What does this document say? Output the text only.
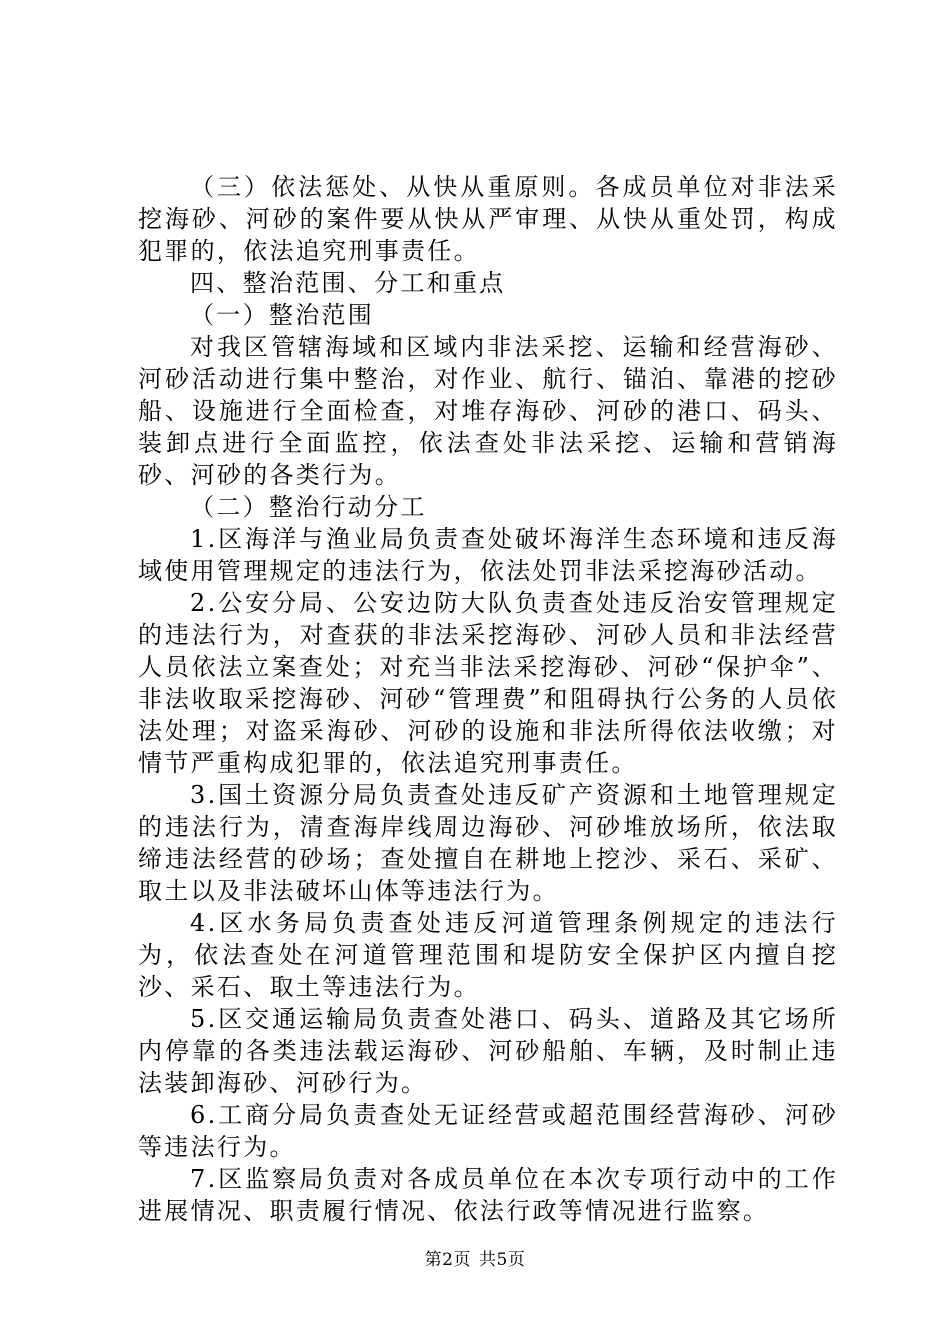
（三）依法惩处、从快从重原则。各成员单位对非法采挖海砂、河砂的案件要从快从严审理、从快从重处罚，构成犯罪的，依法追究刑事责任。

四、整治范围、分工和重点

（一）整治范围

对我区管辖海域和区域内非法采挖、运输和经营海砂、河砂活动进行集中整治，对作业、航行、锚泊、靠港的挖砂船、设施进行全面检查，对堆存海砂、河砂的港口、码头、装卸点进行全面监控，依法查处非法采挖、运输和营销海砂、河砂的各类行为。

（二）整治行动分工

1.区海洋与渔业局负责查处破坏海洋生态环境和违反海域使用管理规定的违法行为，依法处罚非法采挖海砂活动。

2.公安分局、公安边防大队负责查处违反治安管理规定的违法行为，对查获的非法采挖海砂、河砂人员和非法经营人员依法立案查处；对充当非法采挖海砂、河砂“保护伞”、非法收取采挖海砂、河砂“管理费”和阻碍执行公务的人员依法处理；对盗采海砂、河砂的设施和非法所得依法收缴；对情节严重构成犯罪的，依法追究刑事责任。

3.国土资源分局负责查处违反矿产资源和土地管理规定的违法行为，清查海岸线周边海砂、河砂堆放场所，依法取缔违法经营的砂场；查处擅自在耕地上挖沙、采石、采矿、取土以及非法破坏山体等违法行为。

4.区水务局负责查处违反河道管理条例规定的违法行为，依法查处在河道管理范围和堤防安全保护区内擅自挖沙、采石、取土等违法行为。

5.区交通运输局负责查处港口、码头、道路及其它场所内停靠的各类违法载运海砂、河砂船舶、车辆，及时制止违法装卸海砂、河砂行为。

6.工商分局负责查处无证经营或超范围经营海砂、河砂等违法行为。

7.区监察局负责对各成员单位在本次专项行动中的工作进展情况、职责履行情况、依法行政等情况进行监察。

第2页 共5页
